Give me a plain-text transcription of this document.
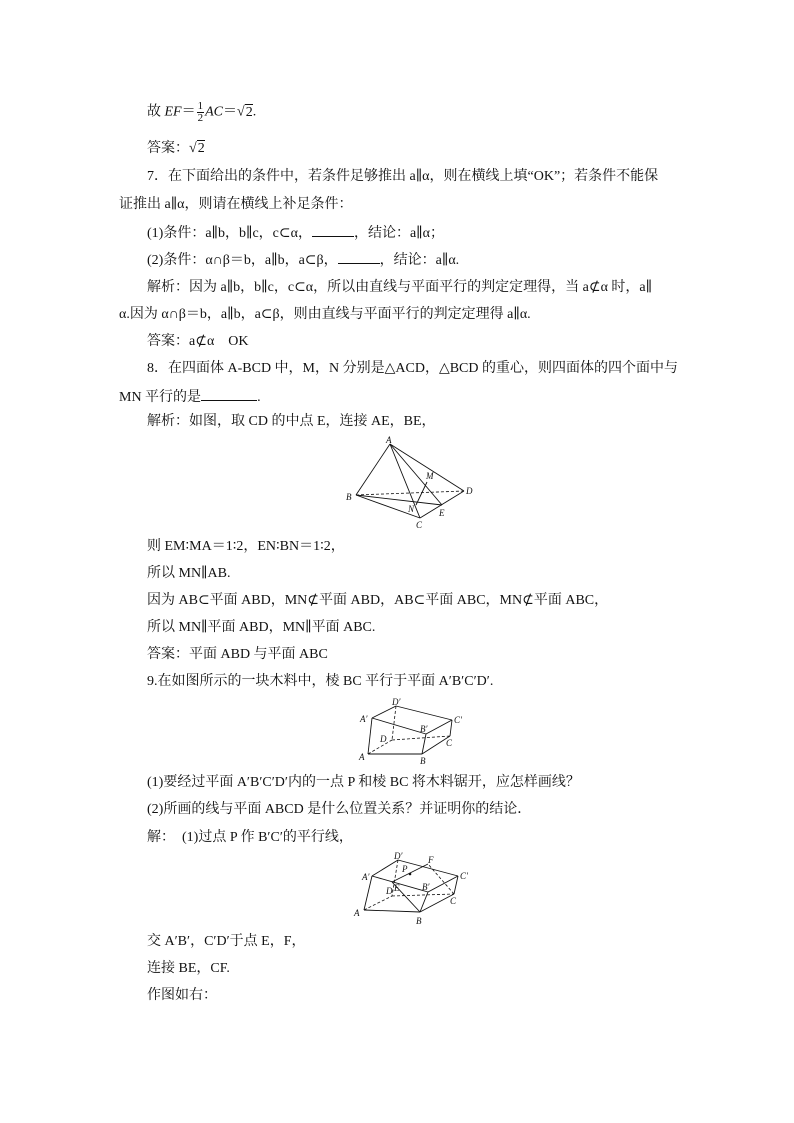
故 $EF= \frac{1}{2} AC=√2$.
答案：√2
7．在下面给出的条件中，若条件足够推出 a∥α，则在横线上填“OK”；若条件不能保
证推出 a∥α，则请在横线上补足条件：
(1)条件：a∥b，b∥c，c⊂α，	，结论：a∥α；
(2)条件：α∩β＝b，a∥b，a⊂β，	，结论：a∥α.
解析：因为 a∥b，b∥c，c⊂α，所以由直线与平面平行的判定定理得，当 a⊄α 时，a∥
α.因为 α∩β＝b，a∥b，a⊂β，则由直线与平面平行的判定定理得 a∥α.
答案：a⊄α　OK
8．在四面体 A-BCD 中，M，N 分别是△ACD，△BCD 的重心，则四面体的四个面中与
MN 平行的是	.
解析：如图，取 CD 的中点 E，连接 AE，BE，
A
B
C
D
M
N	E
则 EM∶MA＝1∶2，EN∶BN＝1∶2，
所以 MN∥AB.
因为 AB⊂平面 ABD，MN⊄平面 ABD，AB⊂平面 ABC，MN⊄平面 ABC，
所以 MN∥平面 ABD，MN∥平面 ABC.
答案：平面 ABD 与平面 ABC
9.在如图所示的一块木料中，棱 BC 平行于平面 A′B′C′D′.
D′
A′	C′
B′
D	C
B
A
(1)要经过平面 A′B′C′D′内的一点 P 和棱 BC 将木料锯开，应怎样画线？
(2)所画的线与平面 ABCD 是什么位置关系？并证明你的结论．
解：　(1)过点 P 作 B′C′的平行线，
D′	F
A′
P
C′
B′
D E
C
B
A
交 A′B′，C′D′于点 E，F，
连接 BE，CF.
作图如右：
